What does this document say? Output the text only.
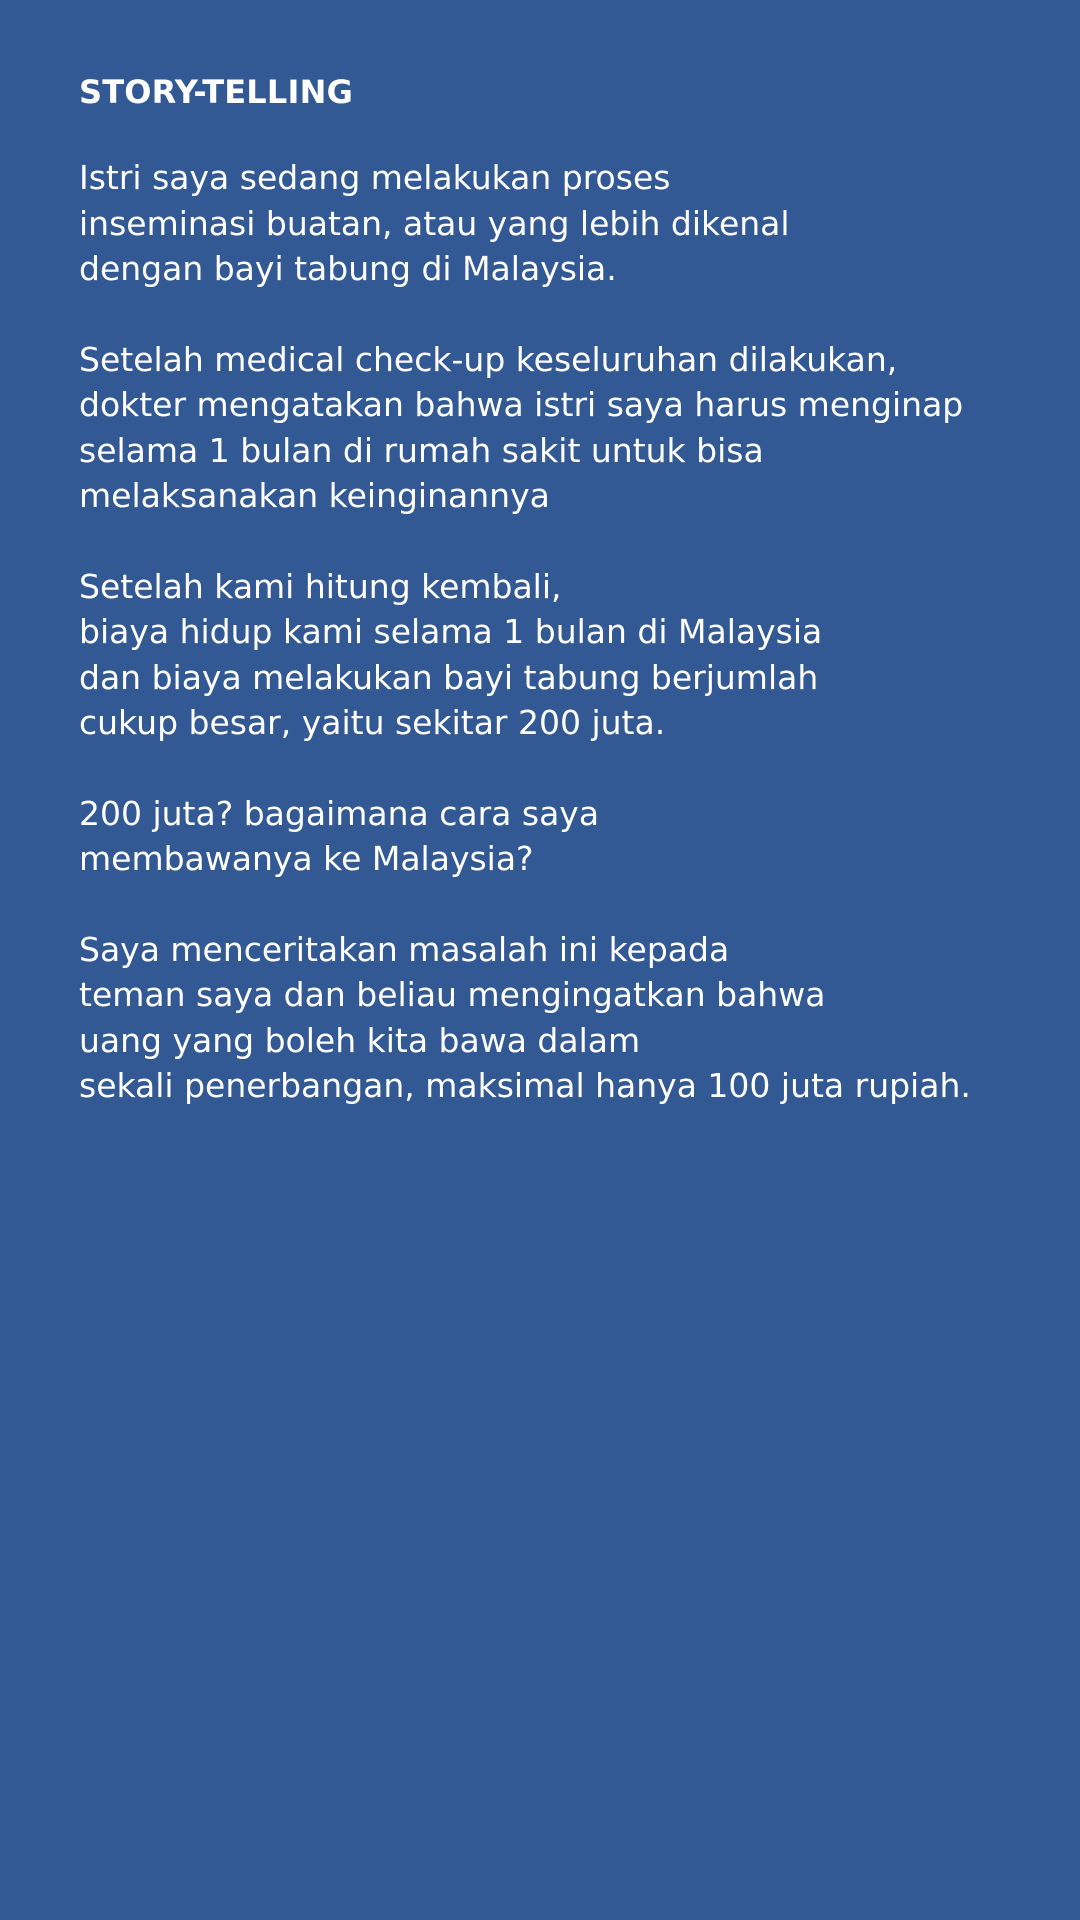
STORY-TELLING
Istri saya sedang melakukan proses
inseminasi buatan, atau yang lebih dikenal
dengan bayi tabung di Malaysia.
Setelah medical check-up keseluruhan dilakukan,
dokter mengatakan bahwa istri saya harus menginap
selama 1 bulan di rumah sakit untuk bisa
melaksanakan keinginannya
Setelah kami hitung kembali,
biaya hidup kami selama 1 bulan di Malaysia
dan biaya melakukan bayi tabung berjumlah
cukup besar, yaitu sekitar 200 juta.
200 juta? bagaimana cara saya
membawanya ke Malaysia?
Saya menceritakan masalah ini kepada
teman saya dan beliau mengingatkan bahwa
uang yang boleh kita bawa dalam
sekali penerbangan, maksimal hanya 100 juta rupiah.
